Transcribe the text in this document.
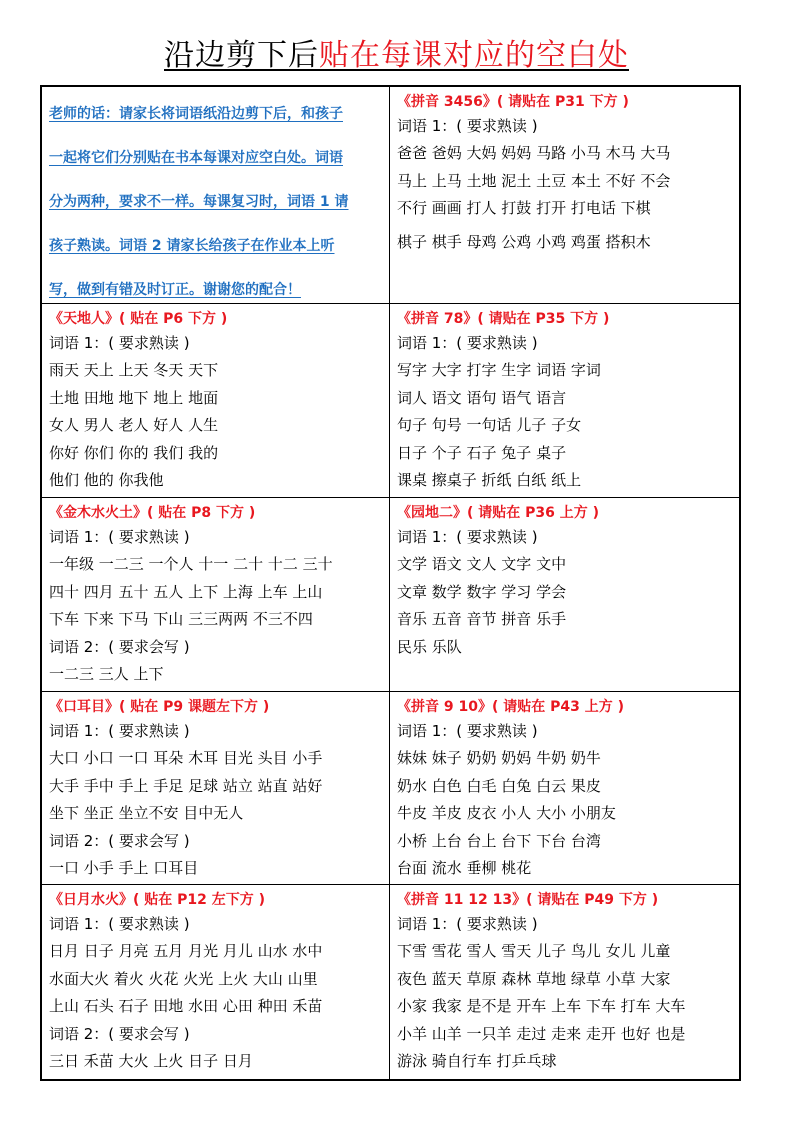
沿边剪下后贴在每课对应的空白处
老师的话：请家长将词语纸沿边剪下后，和孩子
一起将它们分别贴在书本每课对应空白处。词语
分为两种，要求不一样。每课复习时，词语 1 请
孩子熟读。词语 2 请家长给孩子在作业本上听
写，做到有错及时订正。谢谢您的配合！
《拼音 3456》( 请贴在 P31 下方 )
词语 1：( 要求熟读 )
爸爸 爸妈 大妈 妈妈 马路 小马 木马 大马
马上 上马 土地 泥土 土豆 本土 不好 不会
不行 画画 打人 打鼓 打开 打电话 下棋
棋子 棋手 母鸡 公鸡 小鸡 鸡蛋 搭积木
《天地人》( 贴在 P6 下方 )
词语 1：( 要求熟读 )
雨天 天上 上天 冬天 天下
土地 田地 地下 地上 地面
女人 男人 老人 好人 人生
你好 你们 你的 我们 我的
他们 他的 你我他
《拼音 78》( 请贴在 P35 下方 )
词语 1：( 要求熟读 )
写字 大字 打字 生字 词语 字词
词人 语文 语句 语气 语言
句子 句号 一句话 儿子 子女
日子 个子 石子 兔子 桌子
课桌 擦桌子 折纸 白纸 纸上
《金木水火土》( 贴在 P8 下方 )
词语 1：( 要求熟读 )
一年级 一二三 一个人 十一 二十 十二 三十
四十 四月 五十 五人 上下 上海 上车 上山
下车 下来 下马 下山 三三两两 不三不四
词语 2：( 要求会写 )
一二三 三人 上下
《园地二》( 请贴在 P36 上方 )
词语 1：( 要求熟读 )
文学 语文 文人 文字 文中
文章 数学 数字 学习 学会
音乐 五音 音节 拼音 乐手
民乐 乐队
《口耳目》( 贴在 P9 课题左下方 )
词语 1：( 要求熟读 )
大口 小口 一口 耳朵 木耳 目光 头目 小手
大手 手中 手上 手足 足球 站立 站直 站好
坐下 坐正 坐立不安 目中无人
词语 2：( 要求会写 )
一口 小手 手上 口耳目
《拼音 9 10》( 请贴在 P43 上方 )
词语 1：( 要求熟读 )
妹妹 妹子 奶奶 奶妈 牛奶 奶牛
奶水 白色 白毛 白兔 白云 果皮
牛皮 羊皮 皮衣 小人 大小 小朋友
小桥 上台 台上 台下 下台 台湾
台面 流水 垂柳 桃花
《日月水火》( 贴在 P12 左下方 )
词语 1：( 要求熟读 )
日月 日子 月亮 五月 月光 月儿 山水 水中
水面大火 着火 火花 火光 上火 大山 山里
上山 石头 石子 田地 水田 心田 种田 禾苗
词语 2：( 要求会写 )
三日 禾苗 大火 上火 日子 日月
《拼音 11 12 13》( 请贴在 P49 下方 )
词语 1：( 要求熟读 )
下雪 雪花 雪人 雪天 儿子 鸟儿 女儿 儿童
夜色 蓝天 草原 森林 草地 绿草 小草 大家
小家 我家 是不是 开车 上车 下车 打车 大车
小羊 山羊 一只羊 走过 走来 走开 也好 也是
游泳 骑自行车 打乒乓球
